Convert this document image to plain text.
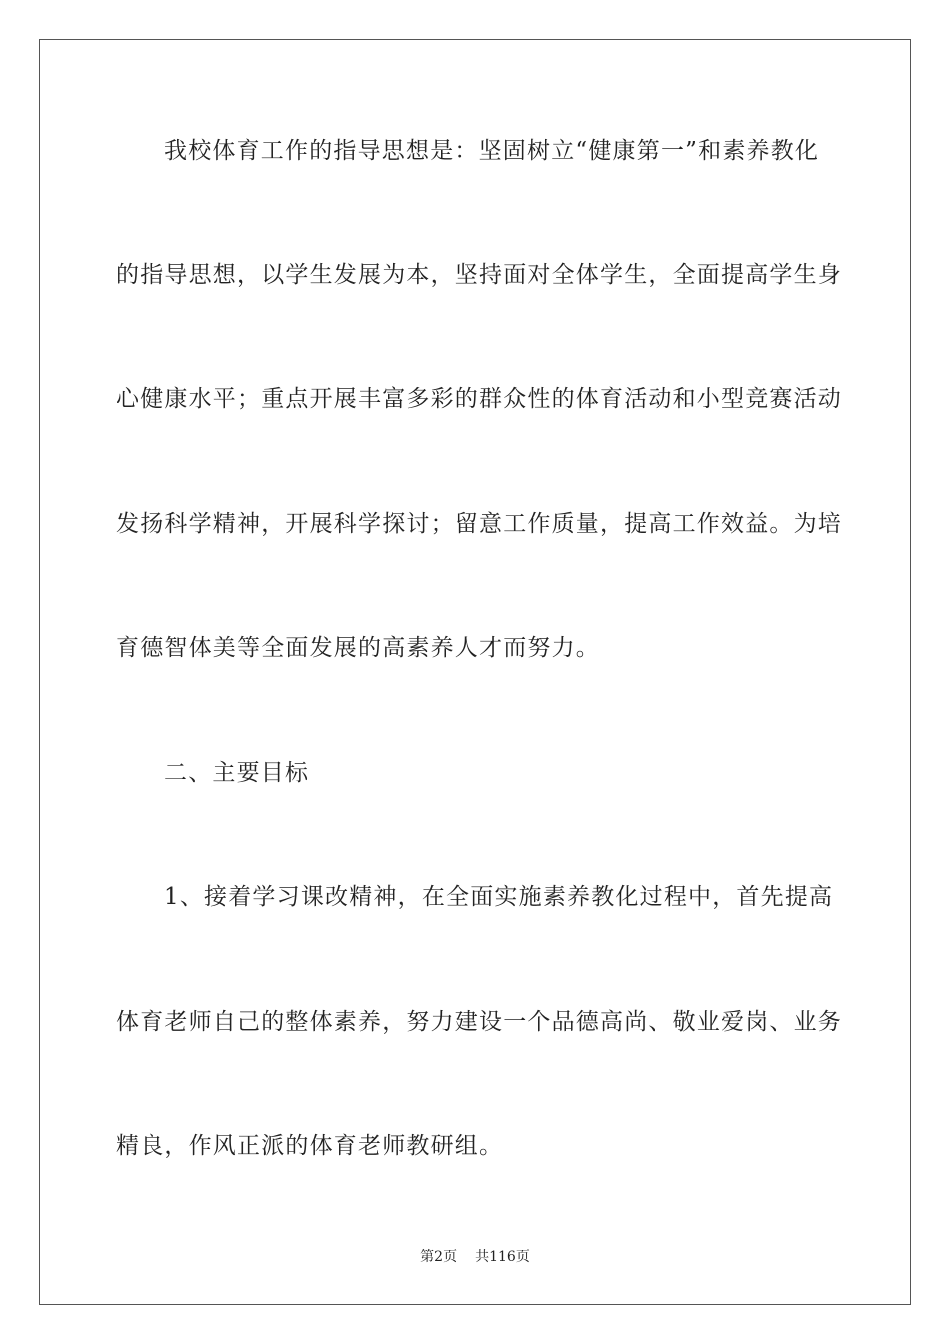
我校体育工作的指导思想是：坚固树立“健康第一”和素养教化
的指导思想，以学生发展为本，坚持面对全体学生，全面提高学生身
心健康水平；重点开展丰富多彩的群众性的体育活动和小型竞赛活动
发扬科学精神，开展科学探讨；留意工作质量，提高工作效益。为培
育德智体美等全面发展的高素养人才而努力。
二、主要目标
1、接着学习课改精神，在全面实施素养教化过程中，首先提高
体育老师自己的整体素养，努力建设一个品德高尚、敬业爱岗、业务
精良，作风正派的体育老师教研组。
第2页 共116页
